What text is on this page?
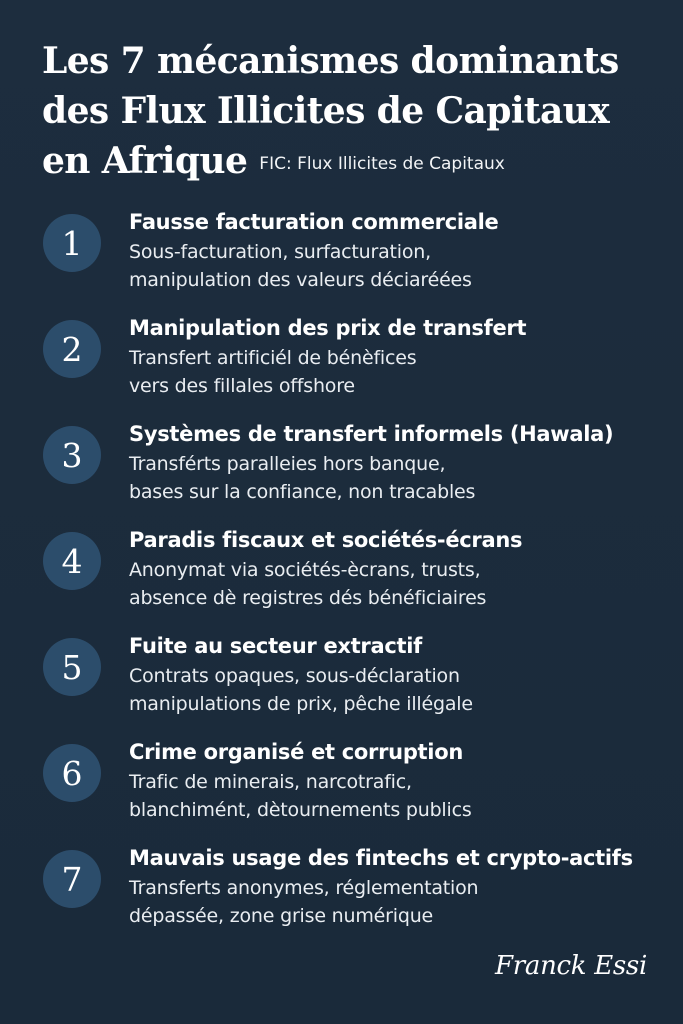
Les 7 mécanismes dominants
des Flux Illicites de Capitaux
en Afrique FIC: Flux Illicites de Capitaux
1
Fausse facturation commerciale
Sous-facturation, surfacturation,
manipulation des valeurs déciaréées
2
Manipulation des prix de transfert
Transfert artificiél de bénèfices
vers des fillales offshore
3
Systèmes de transfert informels (Hawala)
Transférts paralleies hors banque,
bases sur la confiance, non tracables
4
Paradis fiscaux et sociétés-écrans
Anonymat via sociétés-ècrans, trusts,
absence dè registres dés bénéficiaires
5
Fuite au secteur extractif
Contrats opaques, sous-déclaration
manipulations de prix, pêche illégale
6
Crime organisé et corruption
Trafic de minerais, narcotrafic,
blanchimént, dètournements publics
7
Mauvais usage des fintechs et crypto-actifs
Transferts anonymes, réglementation
dépassée, zone grise numérique
Franck Essi
